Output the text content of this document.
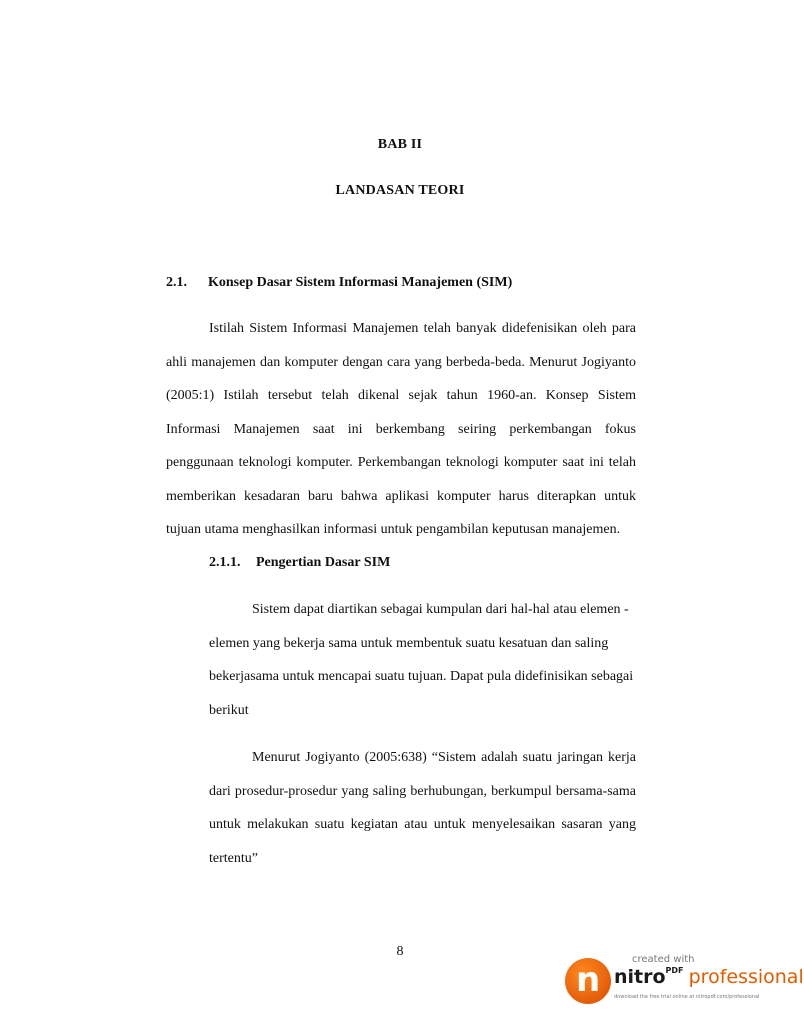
BAB II
LANDASAN TEORI
2.1. Konsep Dasar Sistem Informasi Manajemen (SIM)

Istilah Sistem Informasi Manajemen telah banyak didefenisikan oleh para ahli manajemen dan komputer dengan cara yang berbeda-beda. Menurut Jogiyanto (2005:1) Istilah tersebut telah dikenal sejak tahun 1960-an. Konsep Sistem Informasi Manajemen saat ini berkembang seiring perkembangan fokus penggunaan teknologi komputer. Perkembangan teknologi komputer saat ini telah memberikan kesadaran baru bahwa aplikasi komputer harus diterapkan untuk tujuan utama menghasilkan informasi untuk pengambilan keputusan manajemen.

2.1.1. Pengertian Dasar SIM

Sistem dapat diartikan sebagai kumpulan dari hal-hal atau elemen - elemen yang bekerja sama untuk membentuk suatu kesatuan dan saling bekerjasama untuk mencapai suatu tujuan. Dapat pula didefinisikan sebagai berikut

Menurut Jogiyanto (2005:638) “Sistem adalah suatu jaringan kerja dari prosedur-prosedur yang saling berhubungan, berkumpul bersama-sama untuk melakukan suatu kegiatan atau untuk menyelesaikan sasaran yang tertentu”

8
n
created with
nitro$^{PDF}$ professional
download the free trial online at nitropdf.com/professional
